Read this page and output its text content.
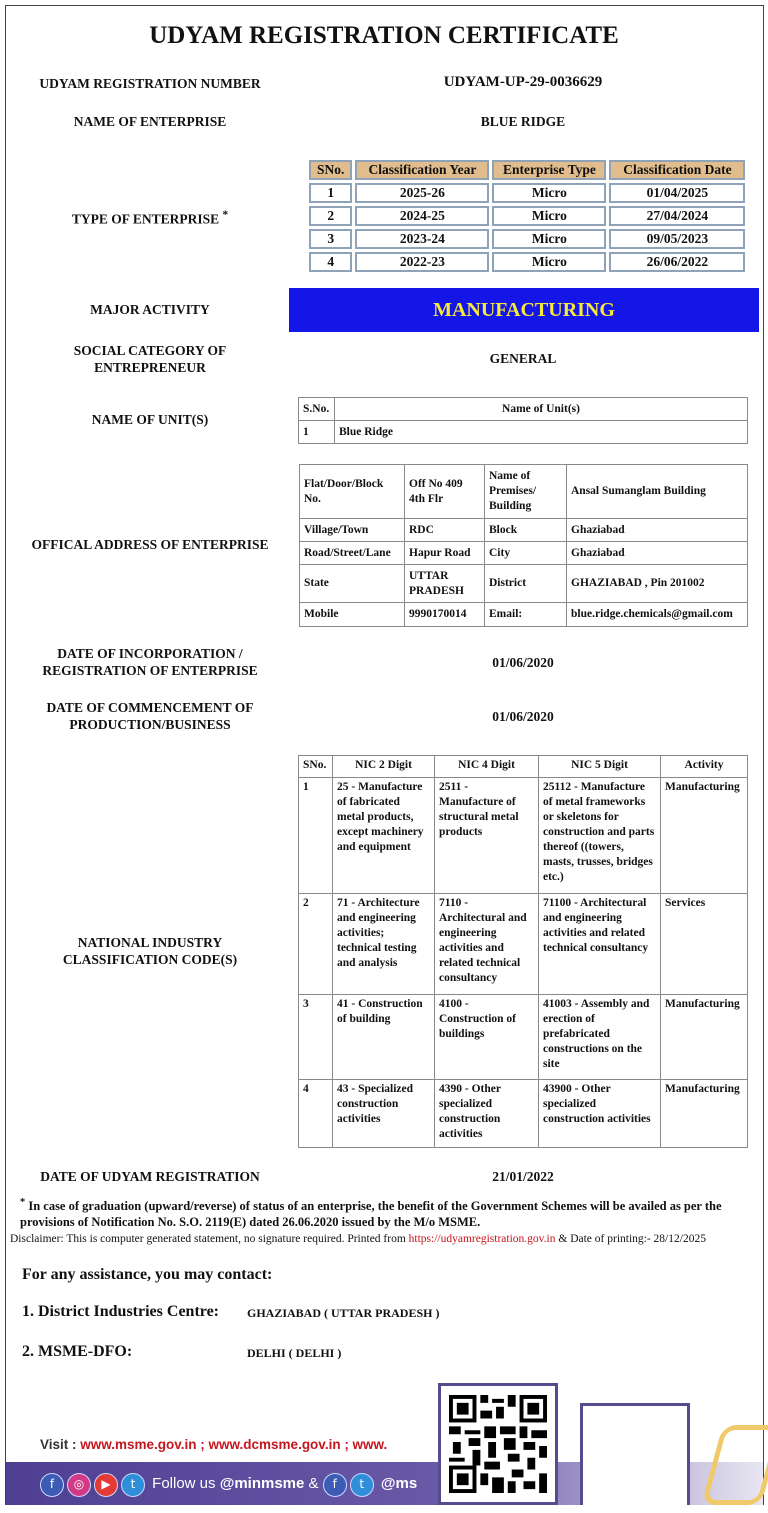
UDYAM REGISTRATION CERTIFICATE
UDYAM REGISTRATION NUMBER	UDYAM-UP-29-0036629
NAME OF ENTERPRISE	BLUE RIDGE
TYPE OF ENTERPRISE *
SNo.	Classification Year	Enterprise Type	Classification Date
1	2025-26	Micro	01/04/2025
2	2024-25	Micro	27/04/2024
3	2023-24	Micro	09/05/2023
4	2022-23	Micro	26/06/2022
MAJOR ACTIVITY	MANUFACTURING
SOCIAL CATEGORY OF ENTREPRENEUR
GENERAL
NAME OF UNIT(S)
S.No.	Name of Unit(s)
1	Blue Ridge
OFFICAL ADDRESS OF ENTERPRISE
Flat/Door/Block No.	Off No 409 4th Flr	Name of Premises/ Building	Ansal Sumanglam Building
Village/Town	RDC	Block	Ghaziabad
Road/Street/Lane	Hapur Road	City	Ghaziabad
State	UTTAR PRADESH	District	GHAZIABAD , Pin 201002
Mobile	9990170014	Email:	blue.ridge.chemicals@gmail.com
DATE OF INCORPORATION / REGISTRATION OF ENTERPRISE
01/06/2020
DATE OF COMMENCEMENT OF PRODUCTION/BUSINESS
01/06/2020
NATIONAL INDUSTRY CLASSIFICATION CODE(S)
SNo.	NIC 2 Digit	NIC 4 Digit	NIC 5 Digit	Activity
1	25 - Manufacture of fabricated metal products, except machinery and equipment	2511 - Manufacture of structural metal products	25112 - Manufacture of metal frameworks or skeletons for construction and parts thereof ((towers, masts, trusses, bridges etc.)	Manufacturing
2	71 - Architecture and engineering activities; technical testing and analysis	7110 - Architectural and engineering activities and related technical consultancy	71100 - Architectural and engineering activities and related technical consultancy	Services
3	41 - Construction of building	4100 - Construction of buildings	41003 - Assembly and erection of prefabricated constructions on the site	Manufacturing
4	43 - Specialized construction activities	4390 - Other specialized construction activities	43900 - Other specialized construction activities	Manufacturing
DATE OF UDYAM REGISTRATION	21/01/2022
* In case of graduation (upward/reverse) of status of an enterprise, the benefit of the Government Schemes will be availed as per the provisions of Notification No. S.O. 2119(E) dated 26.06.2020 issued by the M/o MSME.
Disclaimer: This is computer generated statement, no signature required. Printed from https://udyamregistration.gov.in & Date of printing:- 28/12/2025
For any assistance, you may contact:
1. District Industries Centre: GHAZIABAD ( UTTAR PRADESH )
2. MSME-DFO:	DELHI ( DELHI )
Visit : www.msme.gov.in ; www.dcmsme.gov.in ; www.
f ◎ ▶ t Follow us @minmsme & f t @ms
